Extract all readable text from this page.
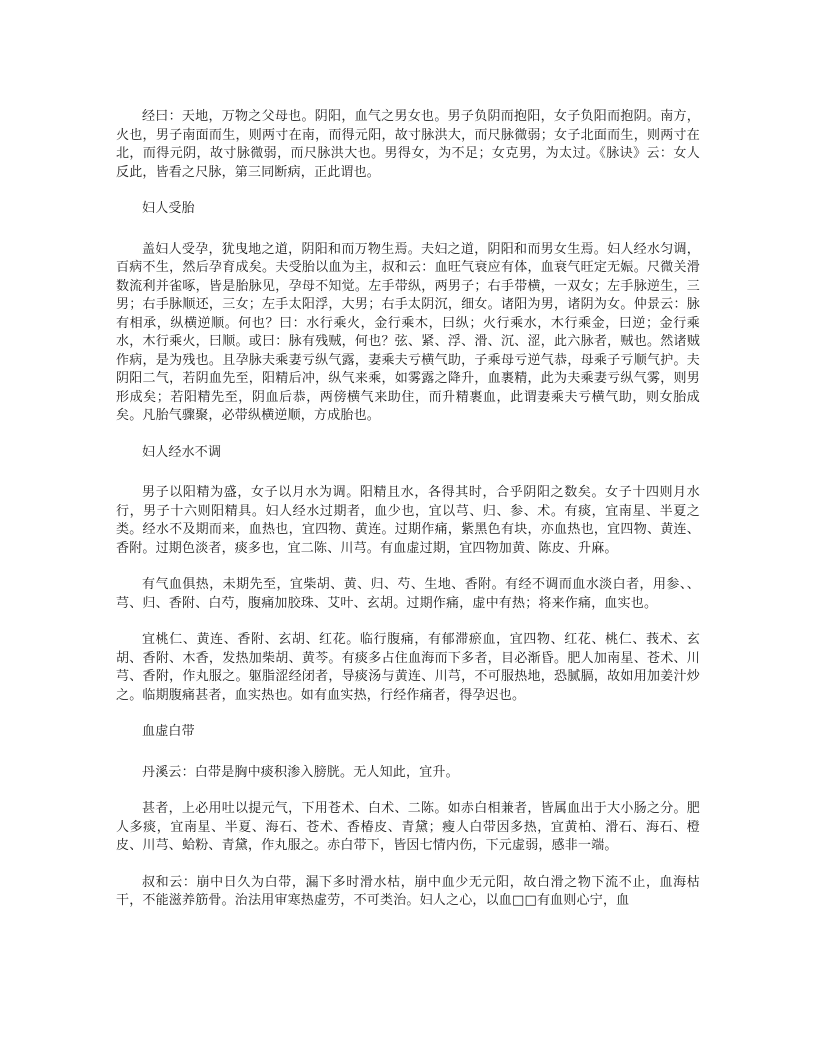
经曰：天地，万物之父母也。阴阳，血气之男女也。男子负阴而抱阳，女子负阳而抱阴。南方，火也，男子南面而生，则两寸在南，而得元阳，故寸脉洪大，而尺脉微弱；女子北面而生，则两寸在北，而得元阴，故寸脉微弱，而尺脉洪大也。男得女，为不足；女克男，为太过。《脉诀》云：女人反此，皆看之尺脉，第三同断病，正此谓也。

妇人受胎

盖妇人受孕，犹曳地之道，阴阳和而万物生焉。夫妇之道，阴阳和而男女生焉。妇人经水匀调，百病不生，然后孕育成矣。夫受胎以血为主，叔和云：血旺气衰应有体，血衰气旺定无娠。尺微关滑数流利并雀啄，皆是胎脉见，孕母不知觉。左手带纵，两男子；右手带横，一双女；左手脉逆生，三男；右手脉顺还，三女；左手太阳浮，大男；右手太阴沉，细女。诸阳为男，诸阴为女。仲景云：脉有相承，纵横逆顺。何也？曰：水行乘火，金行乘木，曰纵；火行乘水，木行乘金，曰逆；金行乘水，木行乘火，曰顺。或曰：脉有残贼，何也？弦、紧、浮、滑、沉、涩，此六脉者，贼也。然诸贼作病，是为残也。且孕脉夫乘妻亏纵气露，妻乘夫亏横气助，子乘母亏逆气恭，母乘子亏顺气护。夫阴阳二气，若阴血先至，阳精后冲，纵气来乘，如雾露之降升，血裹精，此为夫乘妻亏纵气雾，则男形成矣；若阳精先至，阴血后恭，两傍横气来助住，而升精裹血，此谓妻乘夫亏横气助，则女胎成矣。凡胎气骤聚，必带纵横逆顺，方成胎也。

妇人经水不调

男子以阳精为盛，女子以月水为调。阳精且水，各得其时，合乎阴阳之数矣。女子十四则月水行，男子十六则阳精具。妇人经水过期者，血少也，宜以芎、归、参、术。有痰，宜南星、半夏之类。经水不及期而来，血热也，宜四物、黄连。过期作痛，紫黑色有块，亦血热也，宜四物、黄连、香附。过期色淡者，痰多也，宜二陈、川芎。有血虚过期，宜四物加黄、陈皮、升麻。

有气血俱热，未期先至，宜柴胡、黄、归、芍、生地、香附。有经不调而血水淡白者，用参、、芎、归、香附、白芍，腹痛加胶珠、艾叶、玄胡。过期作痛，虚中有热；将来作痛，血实也。

宜桃仁、黄连、香附、玄胡、红花。临行腹痛，有郁滞瘀血，宜四物、红花、桃仁、莪术、玄胡、香附、木香，发热加柴胡、黄芩。有痰多占住血海而下多者，目必渐昏。肥人加南星、苍术、川芎、香附，作丸服之。躯脂涩经闭者，导痰汤与黄连、川芎，不可服热地，恐腻膈，故如用加姜汁炒之。临期腹痛甚者，血实热也。如有血实热，行经作痛者，得孕迟也。

血虚白带

丹溪云：白带是胸中痰积渗入膀胱。无人知此，宜升。

甚者，上必用吐以提元气，下用苍术、白术、二陈。如赤白相兼者，皆属血出于大小肠之分。肥人多痰，宜南星、半夏、海石、苍术、香椿皮、青黛；瘦人白带因多热，宜黄柏、滑石、海石、橙皮、川芎、蛤粉、青黛，作丸服之。赤白带下，皆因七情内伤，下元虚弱，感非一端。

叔和云：崩中日久为白带，漏下多时滑水枯，崩中血少无元阳，故白滑之物下流不止，血海枯干，不能滋养筋骨。治法用审寒热虚劳，不可类治。妇人之心，以血□□有血则心宁，血
